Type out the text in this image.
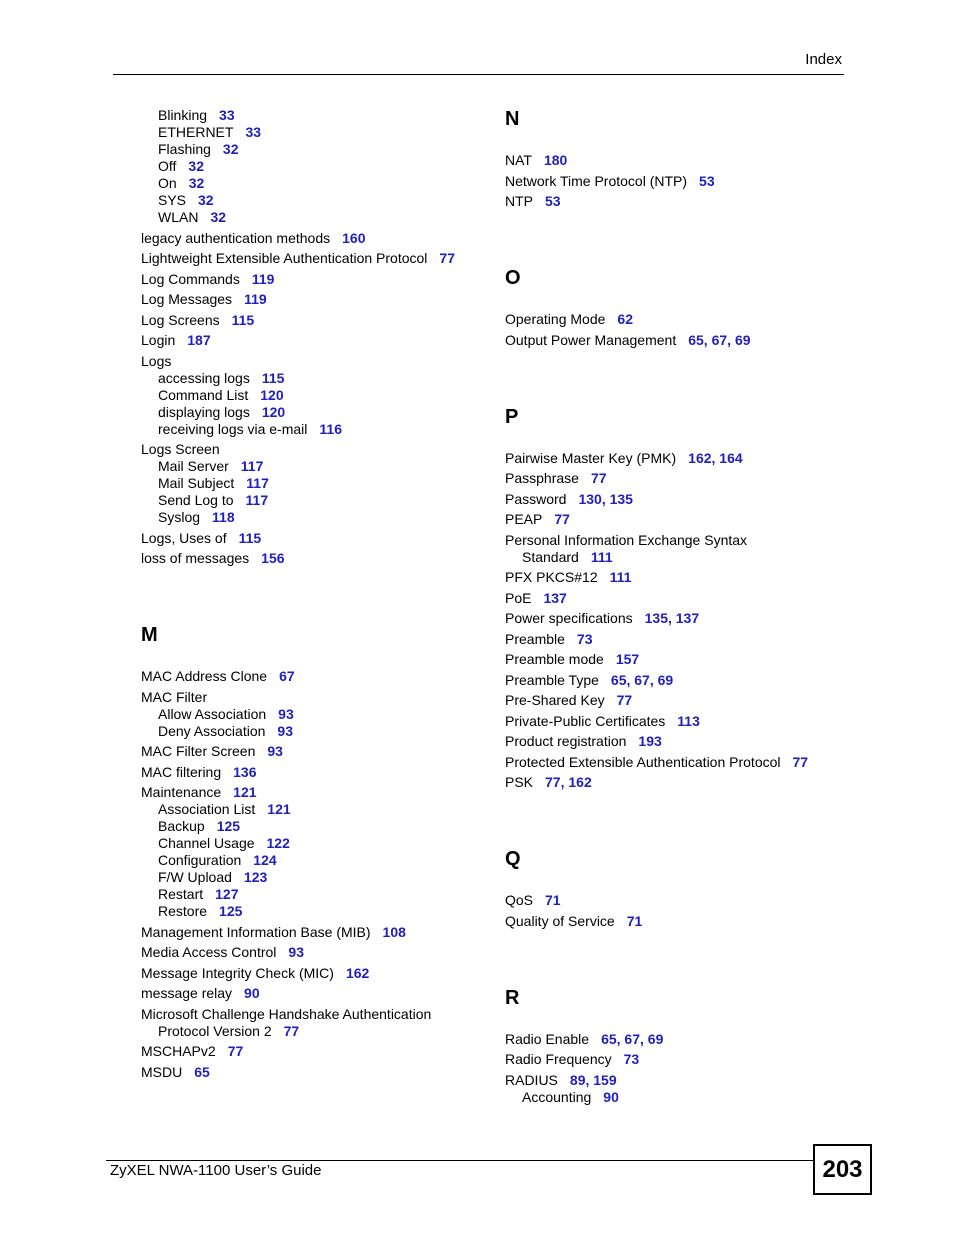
Index
Blinking 33
ETHERNET 33
Flashing 32
Off 32
On 32
SYS 32
WLAN 32
legacy authentication methods 160
Lightweight Extensible Authentication Protocol 77
Log Commands 119
Log Messages 119
Log Screens 115
Login 187
Logs
accessing logs 115
Command List 120
displaying logs 120
receiving logs via e-mail 116
Logs Screen
Mail Server 117
Mail Subject 117
Send Log to 117
Syslog 118
Logs, Uses of 115
loss of messages 156
M
MAC Address Clone 67
MAC Filter
Allow Association 93
Deny Association 93
MAC Filter Screen 93
MAC filtering 136
Maintenance 121
Association List 121
Backup 125
Channel Usage 122
Configuration 124
F/W Upload 123
Restart 127
Restore 125
Management Information Base (MIB) 108
Media Access Control 93
Message Integrity Check (MIC) 162
message relay 90
Microsoft Challenge Handshake Authentication
Protocol Version 2 77
MSCHAPv2 77
MSDU 65
N
NAT 180
Network Time Protocol (NTP) 53
NTP 53
O
Operating Mode 62
Output Power Management 65, 67, 69
P
Pairwise Master Key (PMK) 162, 164
Passphrase 77
Password 130, 135
PEAP 77
Personal Information Exchange Syntax
Standard 111
PFX PKCS#12 111
PoE 137
Power specifications 135, 137
Preamble 73
Preamble mode 157
Preamble Type 65, 67, 69
Pre-Shared Key 77
Private-Public Certificates 113
Product registration 193
Protected Extensible Authentication Protocol 77
PSK 77, 162
Q
QoS 71
Quality of Service 71
R
Radio Enable 65, 67, 69
Radio Frequency 73
RADIUS 89, 159
Accounting 90
ZyXEL NWA-1100 User’s Guide	203
